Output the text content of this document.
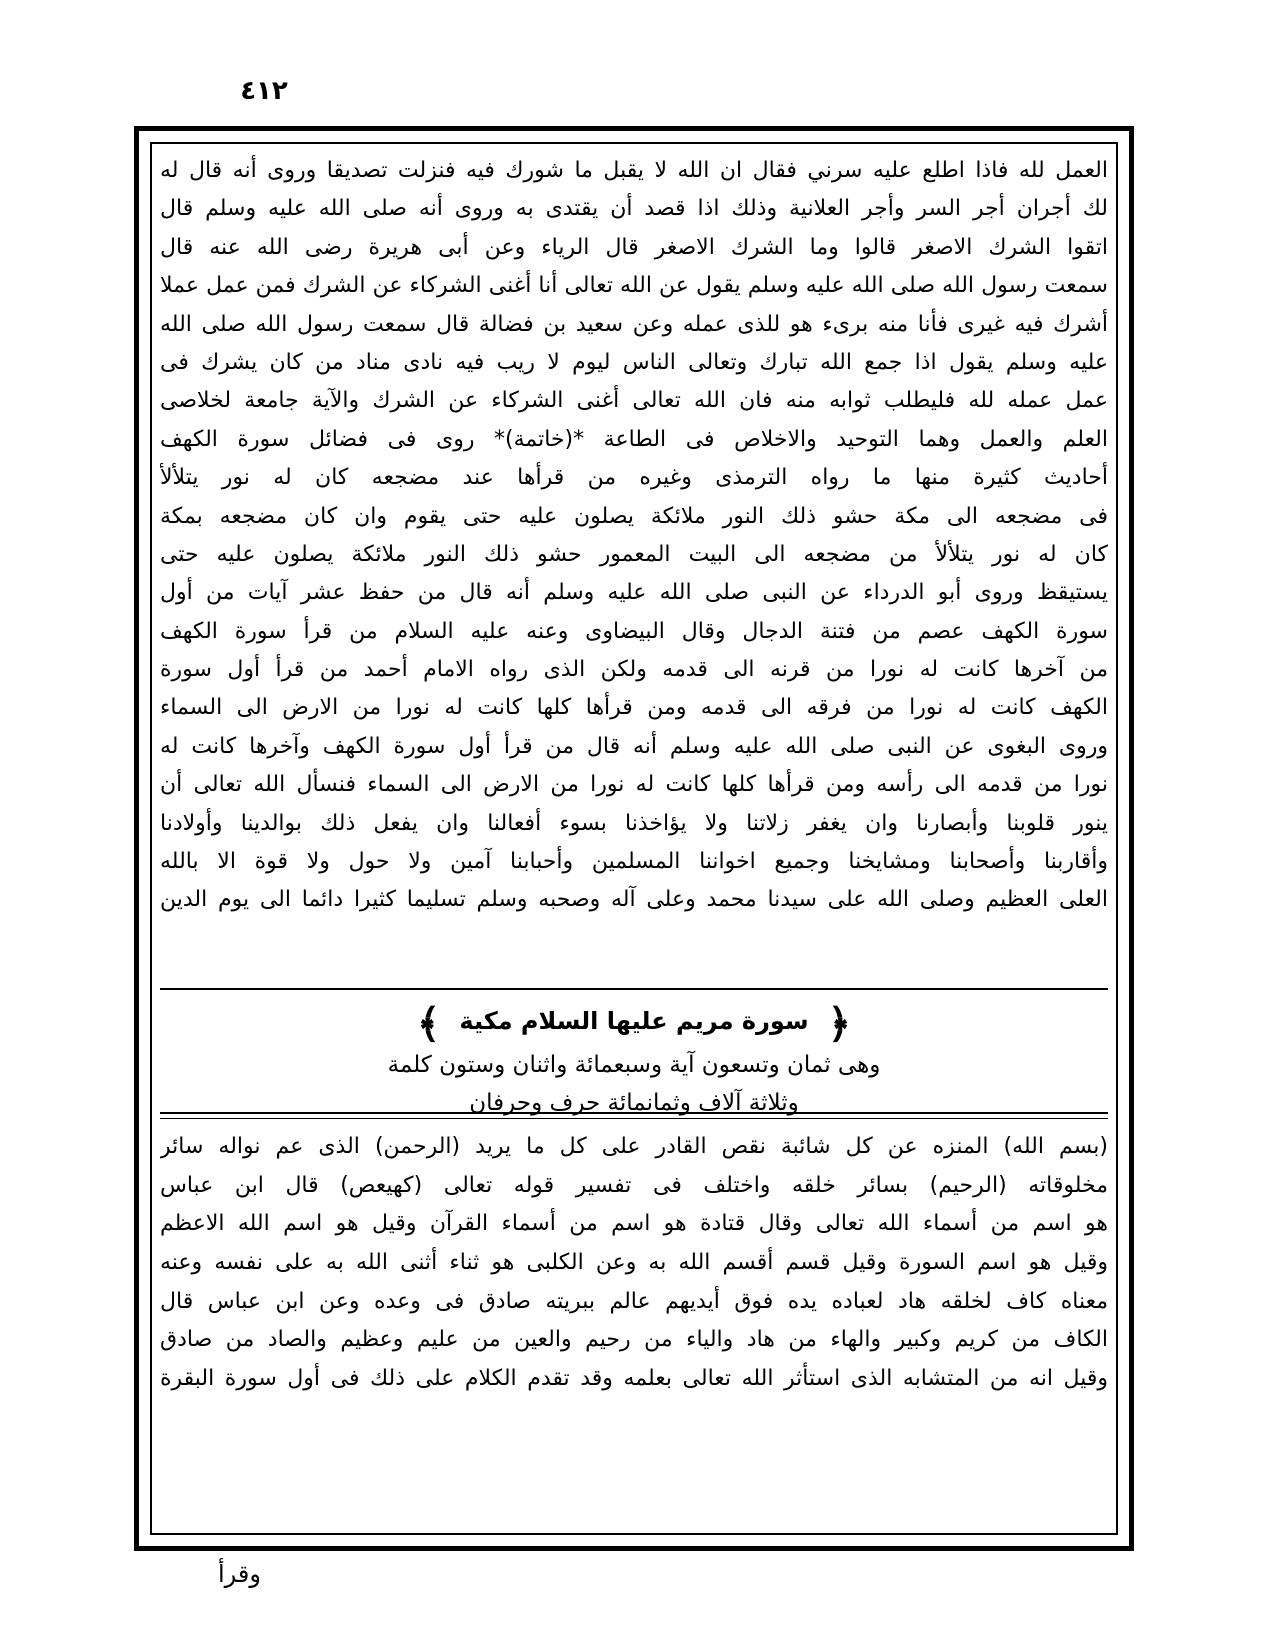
٤١٢
العمل لله فاذا اطلع عليه سرني فقال ان الله لا يقبل ما شورك فيه فنزلت تصديقا وروى أنه قال له
لك أجران أجر السر وأجر العلانية وذلك اذا قصد أن يقتدى به وروى أنه صلى الله عليه وسلم قال
اتقوا الشرك الاصغر قالوا وما الشرك الاصغر قال الرياء وعن أبى هريرة رضى الله عنه قال
سمعت رسول الله صلى الله عليه وسلم يقول عن الله تعالى أنا أغنى الشركاء عن الشرك فمن عمل عملا
أشرك فيه غيرى فأنا منه برىء هو للذى عمله وعن سعيد بن فضالة قال سمعت رسول الله صلى الله
عليه وسلم يقول اذا جمع الله تبارك وتعالى الناس ليوم لا ريب فيه نادى مناد من كان يشرك فى
عمل عمله لله فليطلب ثوابه منه فان الله تعالى أغنى الشركاء عن الشرك والآية جامعة لخلاصى
العلم والعمل وهما التوحيد والاخلاص فى الطاعة *(خاتمة)* روى فى فضائل سورة الكهف
أحاديث كثيرة منها ما رواه الترمذى وغيره من قرأها عند مضجعه كان له نور يتلألأ
فى مضجعه الى مكة حشو ذلك النور ملائكة يصلون عليه حتى يقوم وان كان مضجعه بمكة
كان له نور يتلألأ من مضجعه الى البيت المعمور حشو ذلك النور ملائكة يصلون عليه حتى
يستيقظ وروى أبو الدرداء عن النبى صلى الله عليه وسلم أنه قال من حفظ عشر آيات من أول
سورة الكهف عصم من فتنة الدجال وقال البيضاوى وعنه عليه السلام من قرأ سورة الكهف
من آخرها كانت له نورا من قرنه الى قدمه ولكن الذى رواه الامام أحمد من قرأ أول سورة
الكهف كانت له نورا من فرقه الى قدمه ومن قرأها كلها كانت له نورا من الارض الى السماء
وروى البغوى عن النبى صلى الله عليه وسلم أنه قال من قرأ أول سورة الكهف وآخرها كانت له
نورا من قدمه الى رأسه ومن قرأها كلها كانت له نورا من الارض الى السماء فنسأل الله تعالى أن
ينور قلوبنا وأبصارنا وان يغفر زلاتنا ولا يؤاخذنا بسوء أفعالنا وان يفعل ذلك بوالدينا وأولادنا
وأقاربنا وأصحابنا ومشايخنا وجميع اخواننا المسلمين وأحبابنا آمين ولا حول ولا قوة الا بالله
العلى العظيم وصلى الله على سيدنا محمد وعلى آله وصحبه وسلم تسليما كثيرا دائما الى يوم الدين
﴿ سورة مريم عليها السلام مكية ﴾
وهى ثمان وتسعون آية وسبعمائة واثنان وستون كلمة
وثلاثة آلاف وثمانمائة حرف وحرفان
(بسم الله) المنزه عن كل شائبة نقص القادر على كل ما يريد (الرحمن) الذى عم نواله سائر
مخلوقاته (الرحيم) بسائر خلقه واختلف فى تفسير قوله تعالى (كهيعص) قال ابن عباس
هو اسم من أسماء الله تعالى وقال قتادة هو اسم من أسماء القرآن وقيل هو اسم الله الاعظم
وقيل هو اسم السورة وقيل قسم أقسم الله به وعن الكلبى هو ثناء أثنى الله به على نفسه وعنه
معناه كاف لخلقه هاد لعباده يده فوق أيديهم عالم ببريته صادق فى وعده وعن ابن عباس قال
الكاف من كريم وكبير والهاء من هاد والياء من رحيم والعين من عليم وعظيم والصاد من صادق
وقيل انه من المتشابه الذى استأثر الله تعالى بعلمه وقد تقدم الكلام على ذلك فى أول سورة البقرة
وقرأ
